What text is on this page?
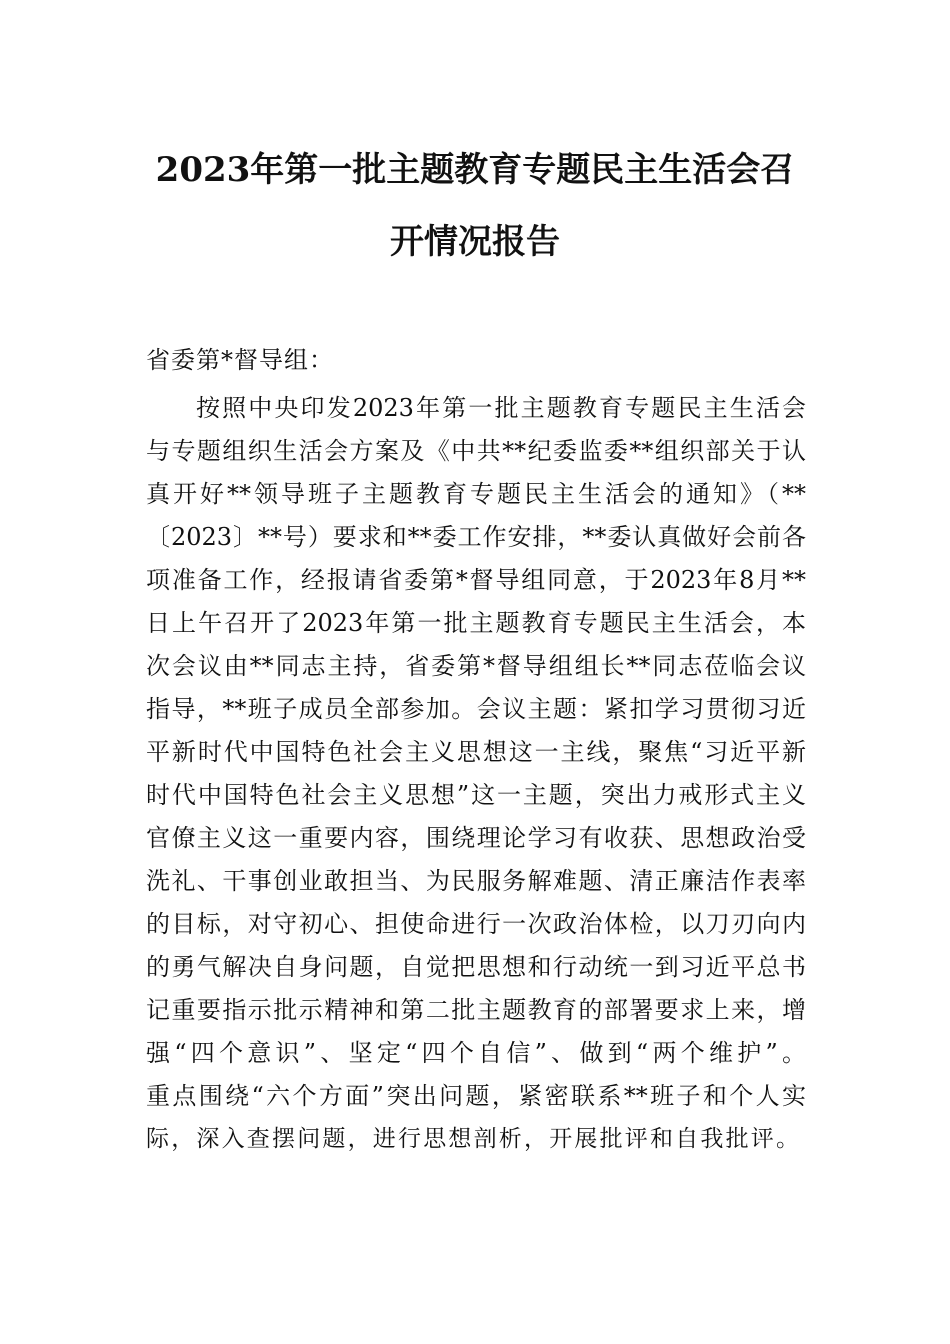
2023年第一批主题教育专题民主生活会召
开情况报告

省委第*督导组：

按照中央印发2023年第一批主题教育专题民主生活会

与专题组织生活会方案及《中共**纪委监委**组织部关于认

真开好**领导班子主题教育专题民主生活会的通知》（**

〔2023〕**号）要求和**委工作安排，**委认真做好会前各

项准备工作，经报请省委第*督导组同意，于2023年8月**

日上午召开了2023年第一批主题教育专题民主生活会，本

次会议由**同志主持，省委第*督导组组长**同志莅临会议

指导，**班子成员全部参加。会议主题：紧扣学习贯彻习近

平新时代中国特色社会主义思想这一主线，聚焦“习近平新

时代中国特色社会主义思想”这一主题，突出力戒形式主义

官僚主义这一重要内容，围绕理论学习有收获、思想政治受

洗礼、干事创业敢担当、为民服务解难题、清正廉洁作表率

的目标，对守初心、担使命进行一次政治体检，以刀刃向内

的勇气解决自身问题，自觉把思想和行动统一到习近平总书

记重要指示批示精神和第二批主题教育的部署要求上来，增

强“四个意识”、坚定“四个自信”、做到“两个维护”。

重点围绕“六个方面”突出问题，紧密联系**班子和个人实

际，深入查摆问题，进行思想剖析，开展批评和自我批评。
